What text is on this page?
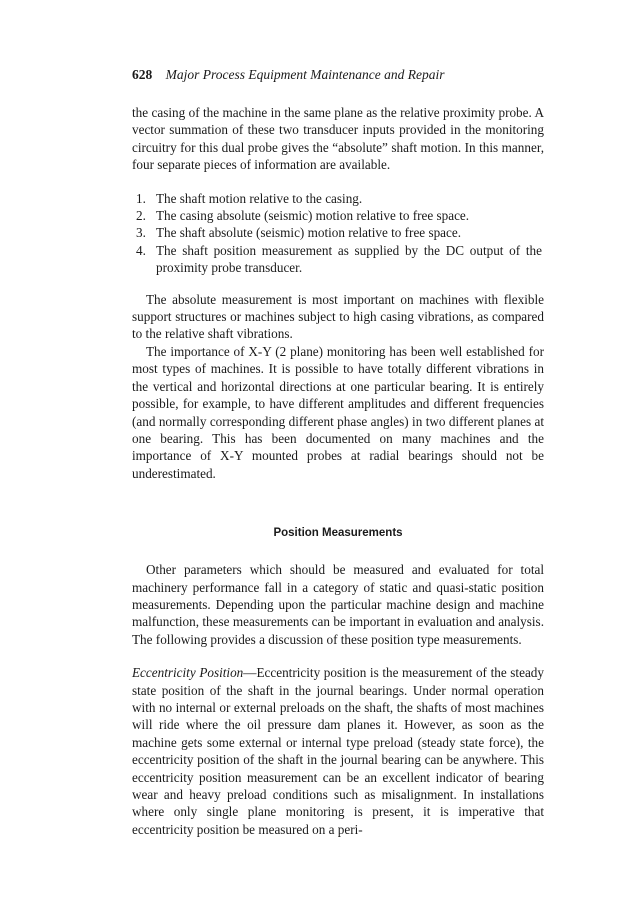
628 Major Process Equipment Maintenance and Repair

the casing of the machine in the same plane as the relative proximity probe. A vector summation of these two transducer inputs provided in the monitoring circuitry for this dual probe gives the “absolute” shaft motion. In this manner, four separate pieces of information are available.

1. The shaft motion relative to the casing.
2. The casing absolute (seismic) motion relative to free space.
3. The shaft absolute (seismic) motion relative to free space.
4. The shaft position measurement as supplied by the DC output of the proximity probe transducer.

The absolute measurement is most important on machines with flexible support structures or machines subject to high casing vibrations, as compared to the relative shaft vibrations.

The importance of X-Y (2 plane) monitoring has been well established for most types of machines. It is possible to have totally different vibrations in the vertical and horizontal directions at one particular bearing. It is entirely possible, for example, to have different amplitudes and different frequencies (and normally corresponding different phase angles) in two different planes at one bearing. This has been documented on many machines and the importance of X-Y mounted probes at radial bearings should not be underestimated.

Position Measurements

Other parameters which should be measured and evaluated for total machinery performance fall in a category of static and quasi-static position measurements. Depending upon the particular machine design and machine malfunction, these measurements can be important in evaluation and analysis. The following provides a discussion of these position type measurements.

Eccentricity Position—Eccentricity position is the measurement of the steady state position of the shaft in the journal bearings. Under normal operation with no internal or external preloads on the shaft, the shafts of most machines will ride where the oil pressure dam planes it. However, as soon as the machine gets some external or internal type preload (steady state force), the eccentricity position of the shaft in the journal bearing can be anywhere. This eccentricity position measurement can be an excellent indicator of bearing wear and heavy preload conditions such as misalignment. In installations where only single plane monitoring is present, it is imperative that eccentricity position be measured on a peri-
